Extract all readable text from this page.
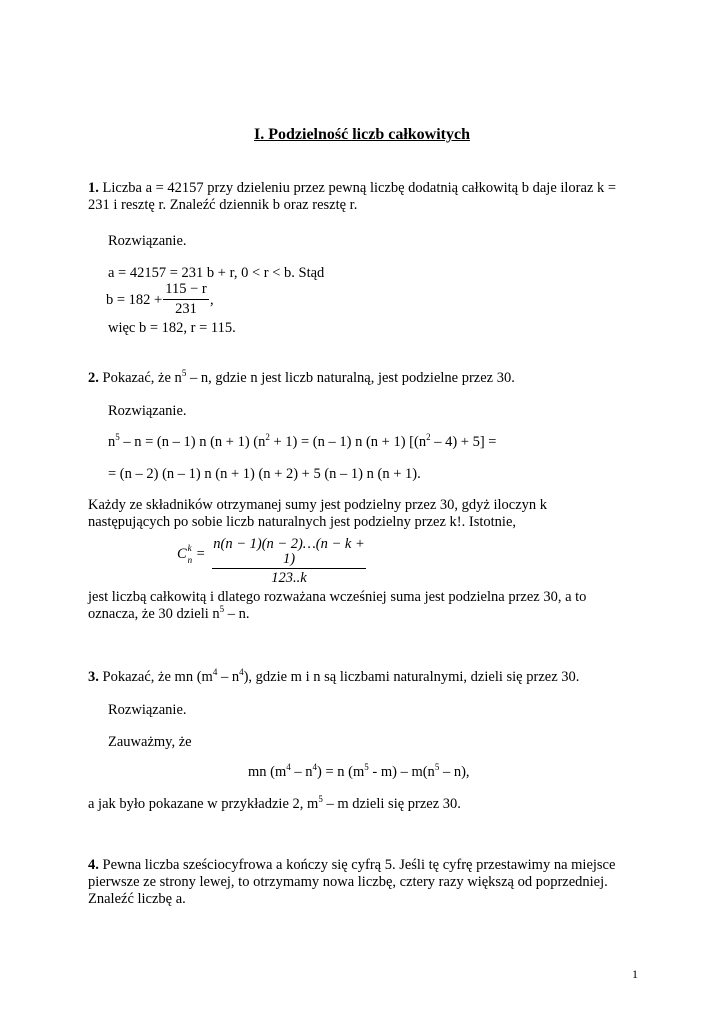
I. Podzielność liczb całkowitych
1. Liczba a = 42157 przy dzieleniu przez pewną liczbę dodatnią całkowitą b daje iloraz k =
231 i resztę r. Znaleźć dziennik b oraz resztę r.
Rozwiązanie.
a = 42157 = 231 b + r, 0 < r < b. Stąd
b = 182 +
115 − r
231
,
więc b = 182, r = 115.
2. Pokazać, że $n^5$ – n, gdzie n jest liczb naturalną, jest podzielne przez 30.
Rozwiązanie.
$n^5 - n = (n - 1)$ n (n + 1) $(n^2 + 1) = (n - 1)$ n (n + 1) $[(n^2 - 4) + 5]$ =
= (n – 2) (n – 1) n (n + 1) (n + 2) + 5 (n – 1) n (n + 1).
Każdy ze składników otrzymanej sumy jest podzielny przez 30, gdyż iloczyn k
następujących po sobie liczb naturalnych jest podzielny przez k!. Istotnie,
C k
n =
n(n − 1)(n − 2)…(n − k + 1)
123..k
jest liczbą całkowitą i dlatego rozważana wcześniej suma jest podzielna przez 30, a to
oznacza, że 30 dzieli $n^5$ – n.
3. Pokazać, że mn $(m^4 - n^4)$, gdzie m i n są liczbami naturalnymi, dzieli się przez 30.
Rozwiązanie.
Zauważmy, że
mn $(m^4 - n^4) = n$ $(m^5 - m) - m(n^5 - n)$,
a jak było pokazane w przykładzie 2, $m^5$ – m dzieli się przez 30.
4. Pewna liczba sześciocyfrowa a kończy się cyfrą 5. Jeśli tę cyfrę przestawimy na miejsce
pierwsze ze strony lewej, to otrzymamy nowa liczbę, cztery razy większą od poprzedniej.
Znaleźć liczbę a.
1
